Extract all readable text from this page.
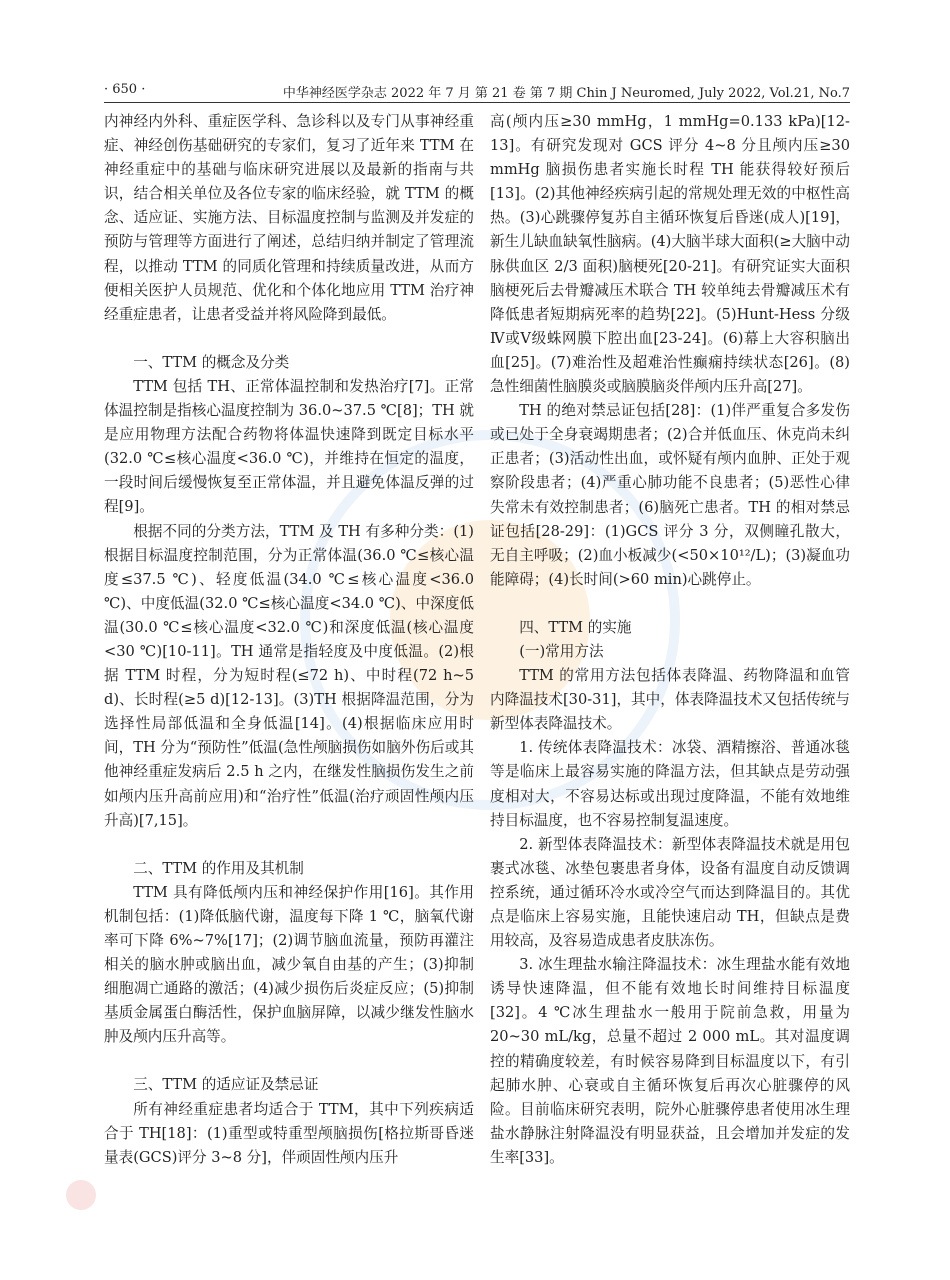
· 650 ·	中华神经医学杂志 2022 年 7 月 第 21 卷 第 7 期 Chin J Neuromed, July 2022, Vol.21, No.7

内神经内外科、重症医学科、急诊科以及专门从事神经重症、神经创伤基础研究的专家们，复习了近年来 TTM 在神经重症中的基础与临床研究进展以及最新的指南与共识，结合相关单位及各位专家的临床经验，就 TTM 的概念、适应证、实施方法、目标温度控制与监测及并发症的预防与管理等方面进行了阐述，总结归纳并制定了管理流程，以推动 TTM 的同质化管理和持续质量改进，从而方便相关医护人员规范、优化和个体化地应用 TTM 治疗神经重症患者，让患者受益并将风险降到最低。

一、TTM 的概念及分类

TTM 包括 TH、正常体温控制和发热治疗[7]。正常体温控制是指核心温度控制为 36.0~37.5 ℃[8]；TH 就是应用物理方法配合药物将体温快速降到既定目标水平(32.0 ℃≤核心温度<36.0 ℃)，并维持在恒定的温度，一段时间后缓慢恢复至正常体温，并且避免体温反弹的过程[9]。

根据不同的分类方法，TTM 及 TH 有多种分类：(1)根据目标温度控制范围，分为正常体温(36.0 ℃≤核心温度≤37.5 ℃)、轻度低温(34.0 ℃≤核心温度<36.0 ℃)、中度低温(32.0 ℃≤核心温度<34.0 ℃)、中深度低温(30.0 ℃≤核心温度<32.0 ℃)和深度低温(核心温度<30 ℃)[10-11]。TH 通常是指轻度及中度低温。(2)根据 TTM 时程，分为短时程(≤72 h)、中时程(72 h~5 d)、长时程(≥5 d)[12-13]。(3)TH 根据降温范围，分为选择性局部低温和全身低温[14]。(4)根据临床应用时间，TH 分为“预防性”低温(急性颅脑损伤如脑外伤后或其他神经重症发病后 2.5 h 之内，在继发性脑损伤发生之前如颅内压升高前应用)和“治疗性”低温(治疗顽固性颅内压升高)[7,15]。

二、TTM 的作用及其机制

TTM 具有降低颅内压和神经保护作用[16]。其作用机制包括：(1)降低脑代谢，温度每下降 1 ℃，脑氧代谢率可下降 6%~7%[17]；(2)调节脑血流量，预防再灌注相关的脑水肿或脑出血，减少氧自由基的产生；(3)抑制细胞凋亡通路的激活；(4)减少损伤后炎症反应；(5)抑制基质金属蛋白酶活性，保护血脑屏障，以减少继发性脑水肿及颅内压升高等。

三、TTM 的适应证及禁忌证

所有神经重症患者均适合于 TTM，其中下列疾病适合于 TH[18]：(1)重型或特重型颅脑损伤[格拉斯哥昏迷量表(GCS)评分 3~8 分]，伴顽固性颅内压升

高(颅内压≥30 mmHg，1 mmHg=0.133 kPa)[12-13]。有研究发现对 GCS 评分 4~8 分且颅内压≥30 mmHg 脑损伤患者实施长时程 TH 能获得较好预后[13]。(2)其他神经疾病引起的常规处理无效的中枢性高热。(3)心跳骤停复苏自主循环恢复后昏迷(成人)[19]，新生儿缺血缺氧性脑病。(4)大脑半球大面积(≥大脑中动脉供血区 2/3 面积)脑梗死[20-21]。有研究证实大面积脑梗死后去骨瓣减压术联合 TH 较单纯去骨瓣减压术有降低患者短期病死率的趋势[22]。(5)Hunt-Hess 分级Ⅳ或Ⅴ级蛛网膜下腔出血[23-24]。(6)幕上大容积脑出血[25]。(7)难治性及超难治性癫痫持续状态[26]。(8)急性细菌性脑膜炎或脑膜脑炎伴颅内压升高[27]。

TH 的绝对禁忌证包括[28]：(1)伴严重复合多发伤或已处于全身衰竭期患者；(2)合并低血压、休克尚未纠正患者；(3)活动性出血，或怀疑有颅内血肿、正处于观察阶段患者；(4)严重心肺功能不良患者；(5)恶性心律失常未有效控制患者；(6)脑死亡患者。TH 的相对禁忌证包括[28-29]：(1)GCS 评分 3 分，双侧瞳孔散大，无自主呼吸；(2)血小板减少(<50×10¹²/L)；(3)凝血功能障碍；(4)长时间(>60 min)心跳停止。

四、TTM 的实施
(一)常用方法

TTM 的常用方法包括体表降温、药物降温和血管内降温技术[30-31]，其中，体表降温技术又包括传统与新型体表降温技术。

1. 传统体表降温技术：冰袋、酒精擦浴、普通冰毯等是临床上最容易实施的降温方法，但其缺点是劳动强度相对大，不容易达标或出现过度降温，不能有效地维持目标温度，也不容易控制复温速度。

2. 新型体表降温技术：新型体表降温技术就是用包裹式冰毯、冰垫包裹患者身体，设备有温度自动反馈调控系统，通过循环冷水或冷空气而达到降温目的。其优点是临床上容易实施，且能快速启动 TH，但缺点是费用较高，及容易造成患者皮肤冻伤。

3. 冰生理盐水输注降温技术：冰生理盐水能有效地诱导快速降温，但不能有效地长时间维持目标温度[32]。4 ℃冰生理盐水一般用于院前急救，用量为 20~30 mL/kg，总量不超过 2 000 mL。其对温度调控的精确度较差，有时候容易降到目标温度以下，有引起肺水肿、心衰或自主循环恢复后再次心脏骤停的风险。目前临床研究表明，院外心脏骤停患者使用冰生理盐水静脉注射降温没有明显获益，且会增加并发症的发生率[33]。
